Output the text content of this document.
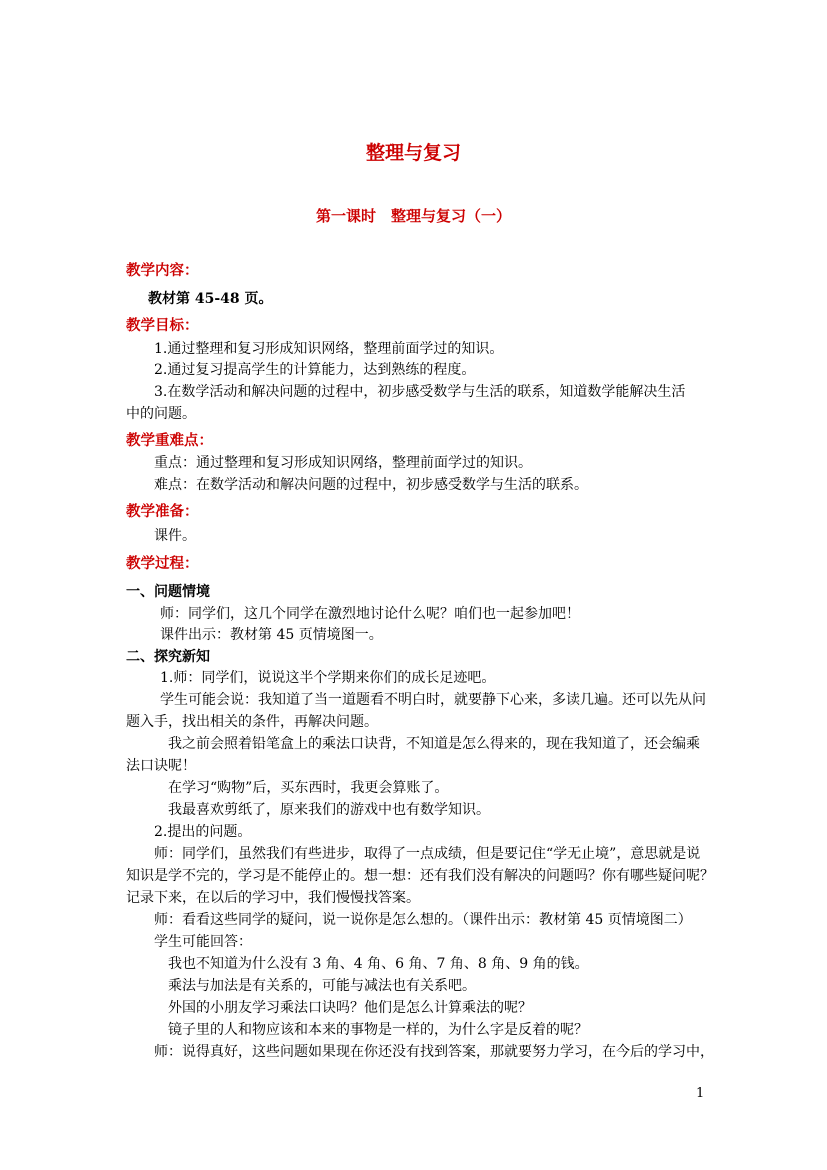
整理与复习
第一课时　整理与复习（一）
教学内容：
教材第 45-48 页。
教学目标：
1.通过整理和复习形成知识网络，整理前面学过的知识。
2.通过复习提高学生的计算能力，达到熟练的程度。
3.在数学活动和解决问题的过程中，初步感受数学与生活的联系，知道数学能解决生活
中的问题。
教学重难点：
重点：通过整理和复习形成知识网络，整理前面学过的知识。
难点：在数学活动和解决问题的过程中，初步感受数学与生活的联系。
教学准备：
课件。
教学过程：
一、问题情境
师：同学们，这几个同学在激烈地讨论什么呢？咱们也一起参加吧！
课件出示：教材第 45 页情境图一。
二、探究新知
1.师：同学们，说说这半个学期来你们的成长足迹吧。
学生可能会说：我知道了当一道题看不明白时，就要静下心来，多读几遍。还可以先从问
题入手，找出相关的条件，再解决问题。
我之前会照着铅笔盒上的乘法口诀背，不知道是怎么得来的，现在我知道了，还会编乘
法口诀呢！
在学习“购物”后，买东西时，我更会算账了。
我最喜欢剪纸了，原来我们的游戏中也有数学知识。
2.提出的问题。
师：同学们，虽然我们有些进步，取得了一点成绩，但是要记住“学无止境”，意思就是说
知识是学不完的，学习是不能停止的。想一想：还有我们没有解决的问题吗？你有哪些疑问呢？
记录下来，在以后的学习中，我们慢慢找答案。
师：看看这些同学的疑问，说一说你是怎么想的。（课件出示：教材第 45 页情境图二）
学生可能回答：
我也不知道为什么没有 3 角、4 角、6 角、7 角、8 角、9 角的钱。
乘法与加法是有关系的，可能与减法也有关系吧。
外国的小朋友学习乘法口诀吗？他们是怎么计算乘法的呢？
镜子里的人和物应该和本来的事物是一样的，为什么字是反着的呢？
师：说得真好，这些问题如果现在你还没有找到答案，那就要努力学习，在今后的学习中，
1
